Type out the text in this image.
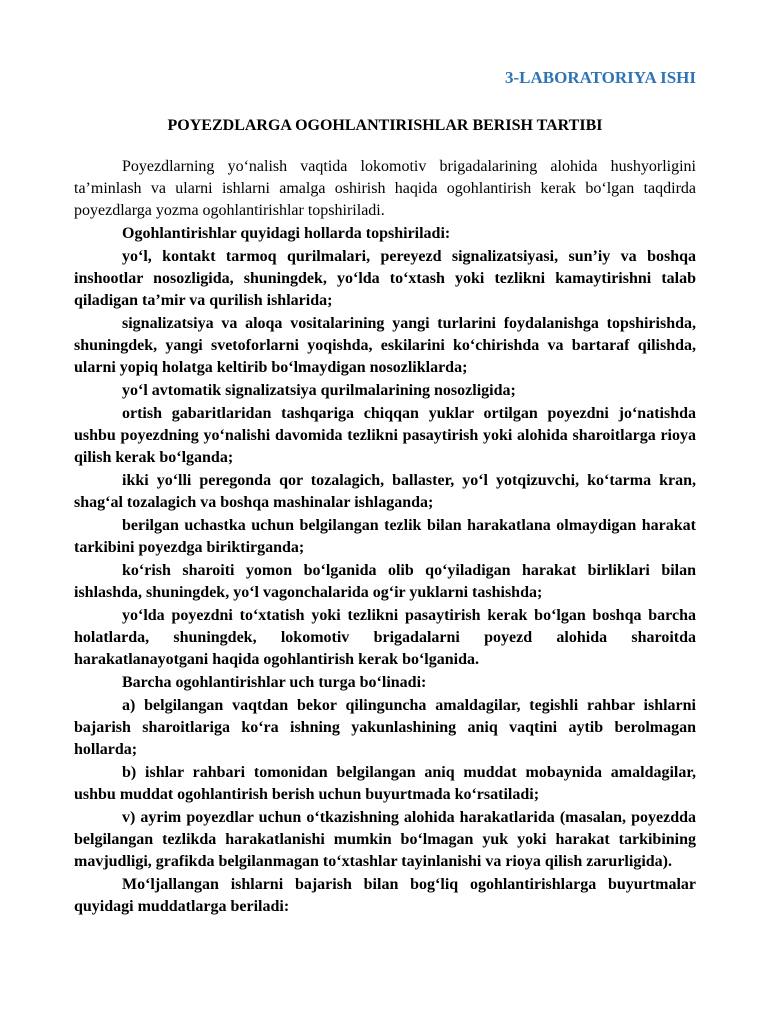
3-LABORATORIYA ISHI

POYEZDLARGA OGOHLANTIRISHLAR BERISH TARTIBI

Poyezdlarning yo‘nalish vaqtida lokomotiv brigadalarining alohida hushyorligini ta’minlash va ularni ishlarni amalga oshirish haqida ogohlantirish kerak bo‘lgan taqdirda poyezdlarga yozma ogohlantirishlar topshiriladi.

Ogohlantirishlar quyidagi hollarda topshiriladi:

yo‘l, kontakt tarmoq qurilmalari, pereyezd signalizatsiyasi, sun’iy va boshqa inshootlar nosozligida, shuningdek, yo‘lda to‘xtash yoki tezlikni kamaytirishni talab qiladigan ta’mir va qurilish ishlarida;

signalizatsiya va aloqa vositalarining yangi turlarini foydalanishga topshirishda, shuningdek, yangi svetoforlarni yoqishda, eskilarini ko‘chirishda va bartaraf qilishda, ularni yopiq holatga keltirib bo‘lmaydigan nosozliklarda;

yo‘l avtomatik signalizatsiya qurilmalarining nosozligida;

ortish gabaritlaridan tashqariga chiqqan yuklar ortilgan poyezdni jo‘natishda ushbu poyezdning yo‘nalishi davomida tezlikni pasaytirish yoki alohida sharoitlarga rioya qilish kerak bo‘lganda;

ikki yo‘lli peregonda qor tozalagich, ballaster, yo‘l yotqizuvchi, ko‘tarma kran, shag‘al tozalagich va boshqa mashinalar ishlaganda;

berilgan uchastka uchun belgilangan tezlik bilan harakatlana olmaydigan harakat tarkibini poyezdga biriktirganda;

ko‘rish sharoiti yomon bo‘lganida olib qo‘yiladigan harakat birliklari bilan ishlashda, shuningdek, yo‘l vagonchalarida og‘ir yuklarni tashishda;

yo‘lda poyezdni to‘xtatish yoki tezlikni pasaytirish kerak bo‘lgan boshqa barcha holatlarda, shuningdek, lokomotiv brigadalarni poyezd alohida sharoitda harakatlanayotgani haqida ogohlantirish kerak bo‘lganida.

Barcha ogohlantirishlar uch turga bo‘linadi:

a) belgilangan vaqtdan bekor qilinguncha amaldagilar, tegishli rahbar ishlarni bajarish sharoitlariga ko‘ra ishning yakunlashining aniq vaqtini aytib berolmagan hollarda;

b) ishlar rahbari tomonidan belgilangan aniq muddat mobaynida amaldagilar, ushbu muddat ogohlantirish berish uchun buyurtmada ko‘rsatiladi;

v) ayrim poyezdlar uchun o‘tkazishning alohida harakatlarida (masalan, poyezdda belgilangan tezlikda harakatlanishi mumkin bo‘lmagan yuk yoki harakat tarkibining mavjudligi, grafikda belgilanmagan to‘xtashlar tayinlanishi va rioya qilish zarurligida).

Mo‘ljallangan ishlarni bajarish bilan bog‘liq ogohlantirishlarga buyurtmalar quyidagi muddatlarga beriladi:
